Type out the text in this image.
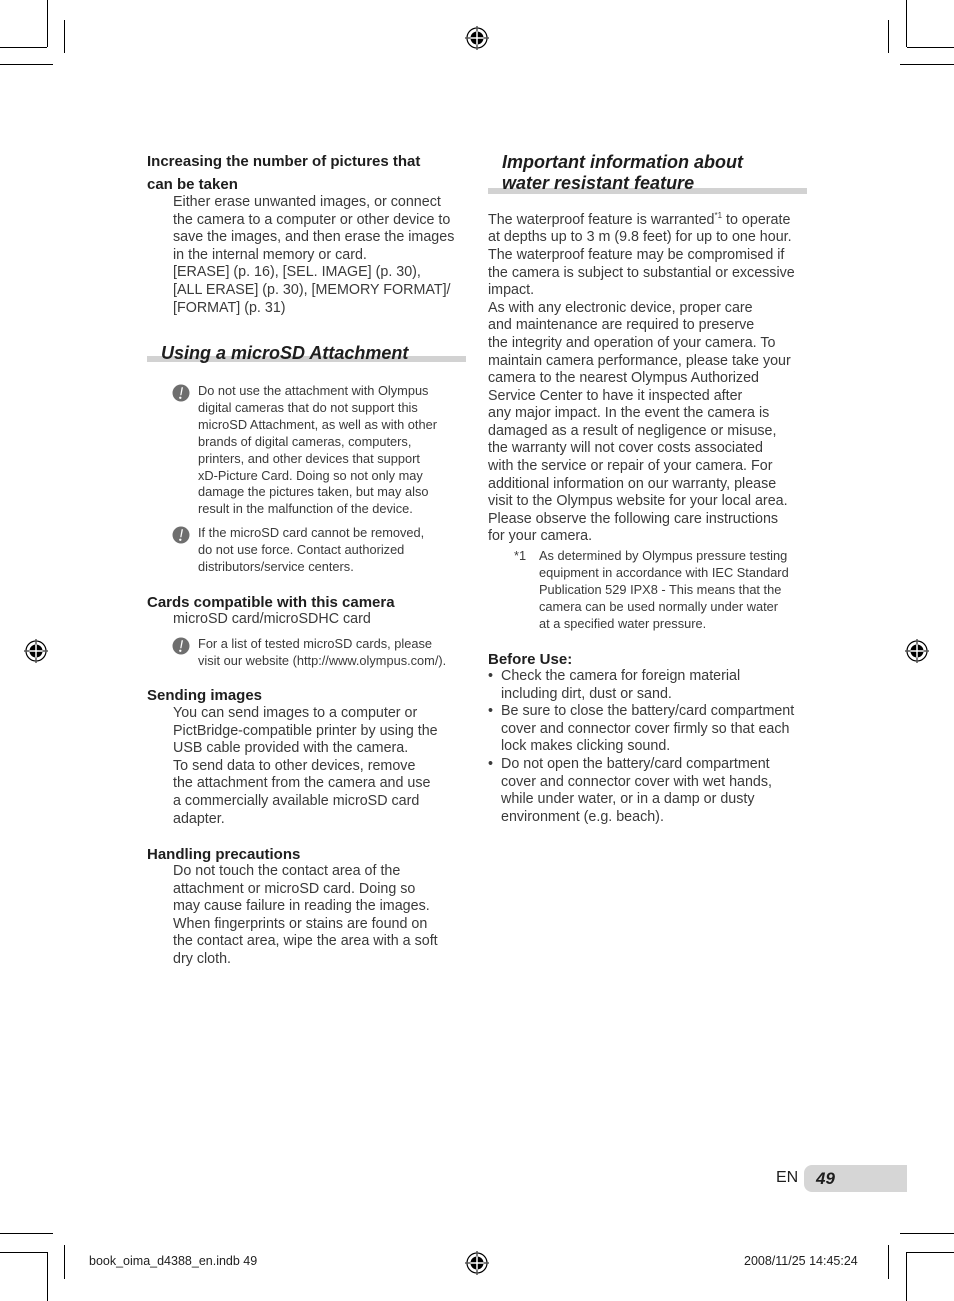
Increasing the number of pictures that
can be taken
Either erase unwanted images, or connect
the camera to a computer or other device to
save the images, and then erase the images
in the internal memory or card.
[ERASE] (p. 16), [SEL. IMAGE] (p. 30),
[ALL ERASE] (p. 30), [MEMORY FORMAT]/
[FORMAT] (p. 31)
Using a microSD Attachment
Do not use the attachment with Olympus
digital cameras that do not support this
microSD Attachment, as well as with other
brands of digital cameras, computers,
printers, and other devices that support
xD-Picture Card. Doing so not only may
damage the pictures taken, but may also
result in the malfunction of the device.
If the microSD card cannot be removed,
do not use force. Contact authorized
distributors/service centers.
Cards compatible with this camera
microSD card/microSDHC card
For a list of tested microSD cards, please
visit our website (http://www.olympus.com/).
Sending images
You can send images to a computer or
PictBridge-compatible printer by using the
USB cable provided with the camera.
To send data to other devices, remove
the attachment from the camera and use
a commercially available microSD card
adapter.
Handling precautions
Do not touch the contact area of the
attachment or microSD card. Doing so
may cause failure in reading the images.
When fingerprints or stains are found on
the contact area, wipe the area with a soft
dry cloth.
Important information about
water resistant feature
The waterproof feature is warranted$^{*1}$ to operate
at depths up to 3 m (9.8 feet) for up to one hour.
The waterproof feature may be compromised if
the camera is subject to substantial or excessive
impact.
As with any electronic device, proper care
and maintenance are required to preserve
the integrity and operation of your camera. To
maintain camera performance, please take your
camera to the nearest Olympus Authorized
Service Center to have it inspected after
any major impact. In the event the camera is
damaged as a result of negligence or misuse,
the warranty will not cover costs associated
with the service or repair of your camera. For
additional information on our warranty, please
visit to the Olympus website for your local area.
Please observe the following care instructions
for your camera.
*1 As determined by Olympus pressure testing
equipment in accordance with IEC Standard
Publication 529 IPX8 - This means that the
camera can be used normally under water
at a specified water pressure.
Before Use:
• Check the camera for foreign material
including dirt, dust or sand.
• Be sure to close the battery/card compartment
cover and connector cover firmly so that each
lock makes clicking sound.
• Do not open the battery/card compartment
cover and connector cover with wet hands,
while under water, or in a damp or dusty
environment (e.g. beach).
EN 49
book_oima_d4388_en.indb 49	2008/11/25 14:45:24
